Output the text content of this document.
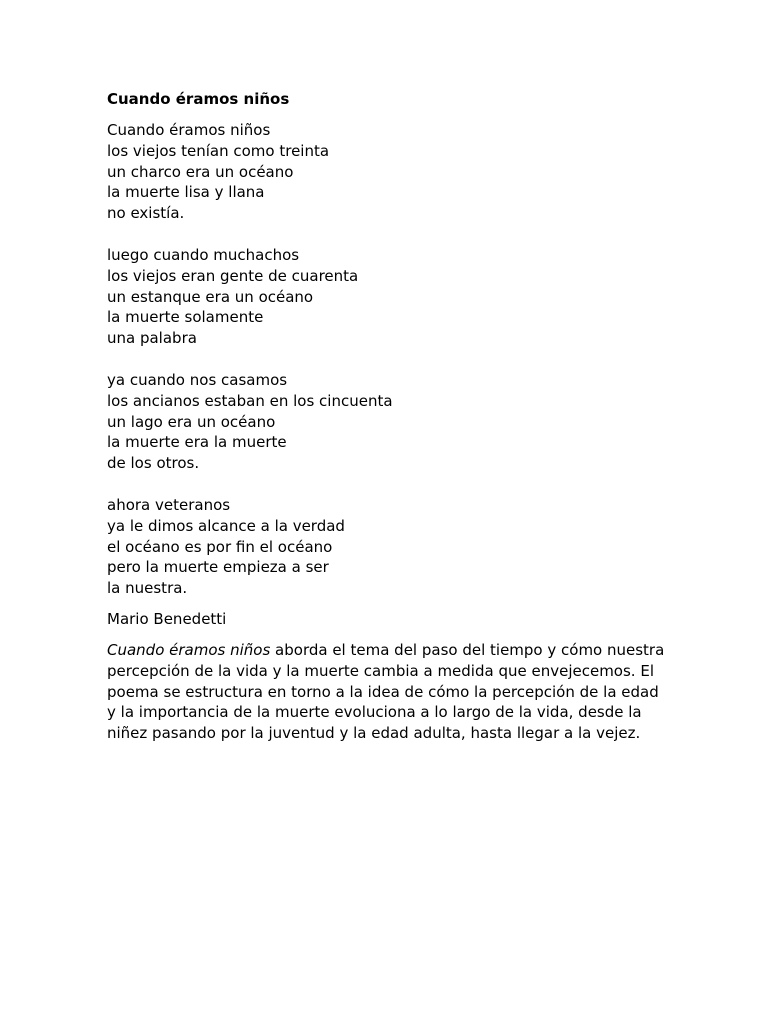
Cuando éramos niños
Cuando éramos niños
los viejos tenían como treinta
un charco era un océano
la muerte lisa y llana
no existía.
luego cuando muchachos
los viejos eran gente de cuarenta
un estanque era un océano
la muerte solamente
una palabra
ya cuando nos casamos
los ancianos estaban en los cincuenta
un lago era un océano
la muerte era la muerte
de los otros.
ahora veteranos
ya le dimos alcance a la verdad
el océano es por fin el océano
pero la muerte empieza a ser
la nuestra.
Mario Benedetti

Cuando éramos niños aborda el tema del paso del tiempo y cómo nuestra percepción de la vida y la muerte cambia a medida que envejecemos. El poema se estructura en torno a la idea de cómo la percepción de la edad y la importancia de la muerte evoluciona a lo largo de la vida, desde la niñez pasando por la juventud y la edad adulta, hasta llegar a la vejez.
